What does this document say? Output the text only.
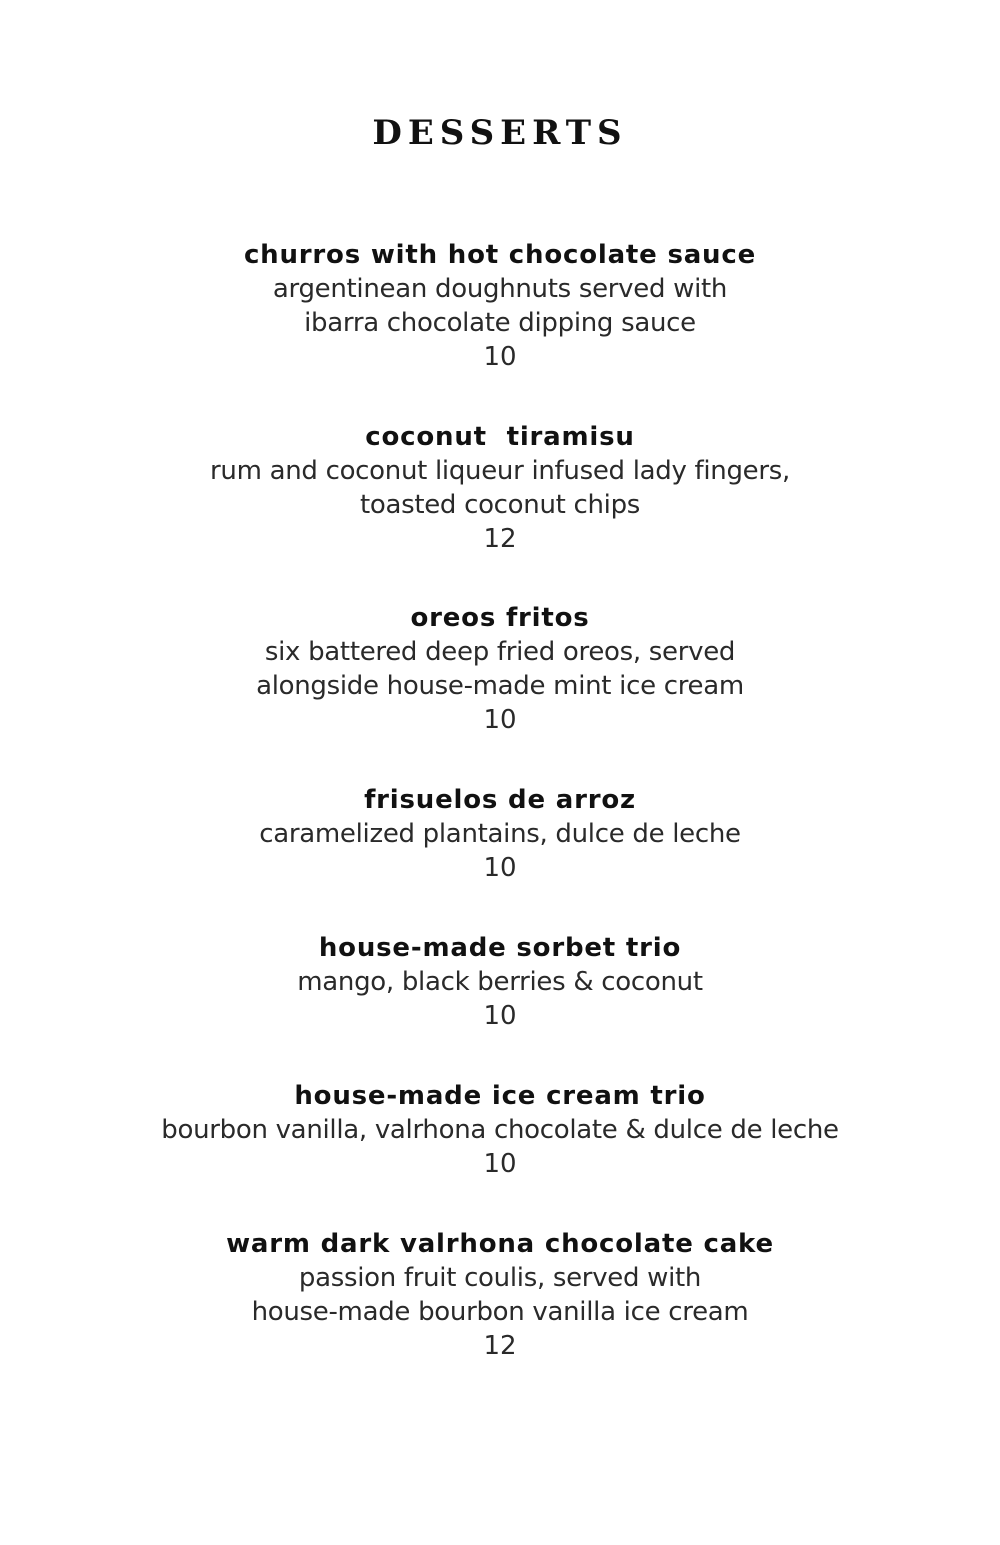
DESSERTS
churros with hot chocolate sauce
argentinean doughnuts served with
ibarra chocolate dipping sauce
10
coconut  tiramisu
rum and coconut liqueur infused lady fingers,
toasted coconut chips
12
oreos fritos
six battered deep fried oreos, served
alongside house-made mint ice cream
10
frisuelos de arroz
caramelized plantains, dulce de leche
10
house-made sorbet trio
mango, black berries & coconut
10
house-made ice cream trio
bourbon vanilla, valrhona chocolate & dulce de leche
10
warm dark valrhona chocolate cake
passion fruit coulis, served with
house-made bourbon vanilla ice cream
12
